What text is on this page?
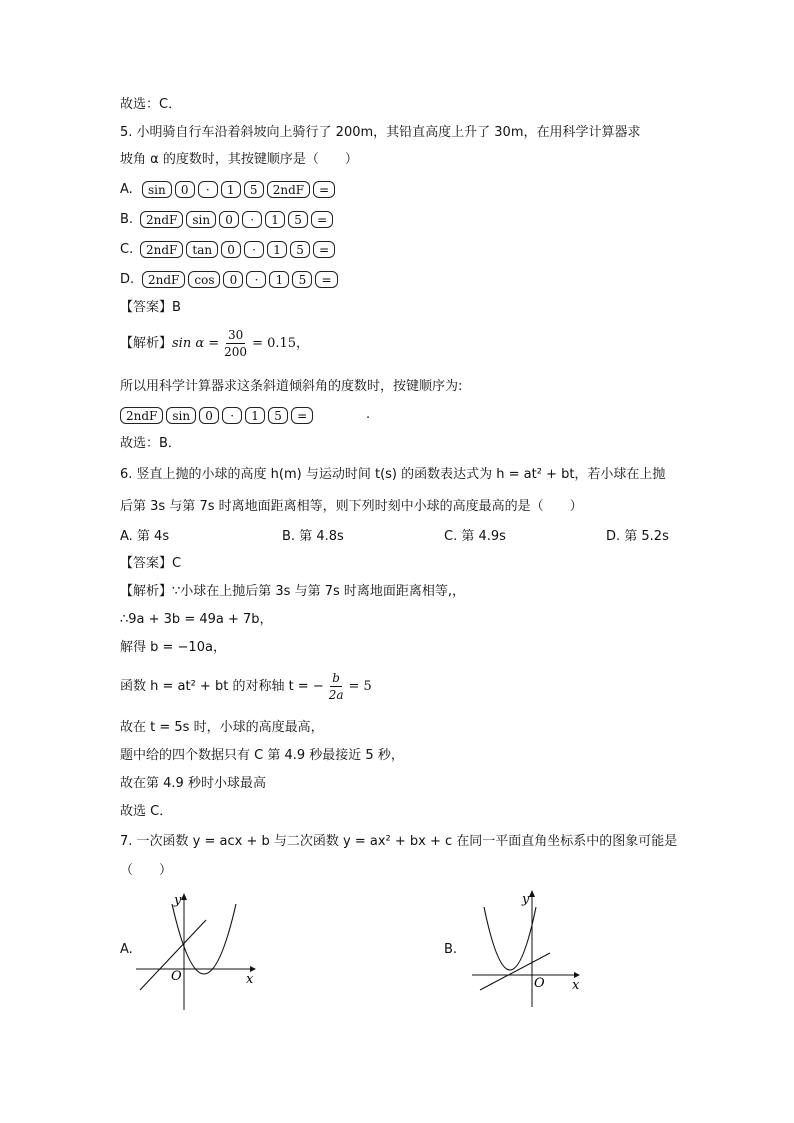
故选：C．
5. 小明骑自行车沿着斜坡向上骑行了 200m，其铅直高度上升了 30m，在用科学计算器求
坡角 α 的度数时，其按键顺序是（　　）
A.	sin	0	·	1	5	2ndF	=
B.	2ndF	sin	0	·	1	5	=
C.	2ndF	tan	0	·	1	5	=
D.	2ndF	cos	0	·	1	5	=
【答案】B
【解析】 $\sin \alpha = \frac{30}{200} = 0.15$，
所以用科学计算器求这条斜道倾斜角的度数时，按键顺序为:
2ndF	sin	0	·	1	5	=	.
故选：B．
6. 竖直上抛的小球的高度 h(m) 与运动时间 t(s) 的函数表达式为 h = at² + bt，若小球在上抛
后第 3s 与第 7s 时离地面距离相等，则下列时刻中小球的高度最高的是（　　）
A. 第 4s	B. 第 4.8s	C. 第 4.9s	D. 第 5.2s
【答案】C
【解析】∵小球在上抛后第 3s 与第 7s 时离地面距离相等,，
∴9a + 3b = 49a + 7b，
解得 b = −10a，
函数 h = at² + bt 的对称轴 t = − $\frac{b}{2a} = 5$
故在 t = 5s 时，小球的高度最高，
题中给的四个数据只有 C 第 4.9 秒最接近 5 秒，
故在第 4.9 秒时小球最高
故选 C．
7. 一次函数 y = acx + b 与二次函数 y = ax² + bx + c 在同一平面直角坐标系中的图象可能是
（　　）
A.
y
x
O
B.
y
x
O
